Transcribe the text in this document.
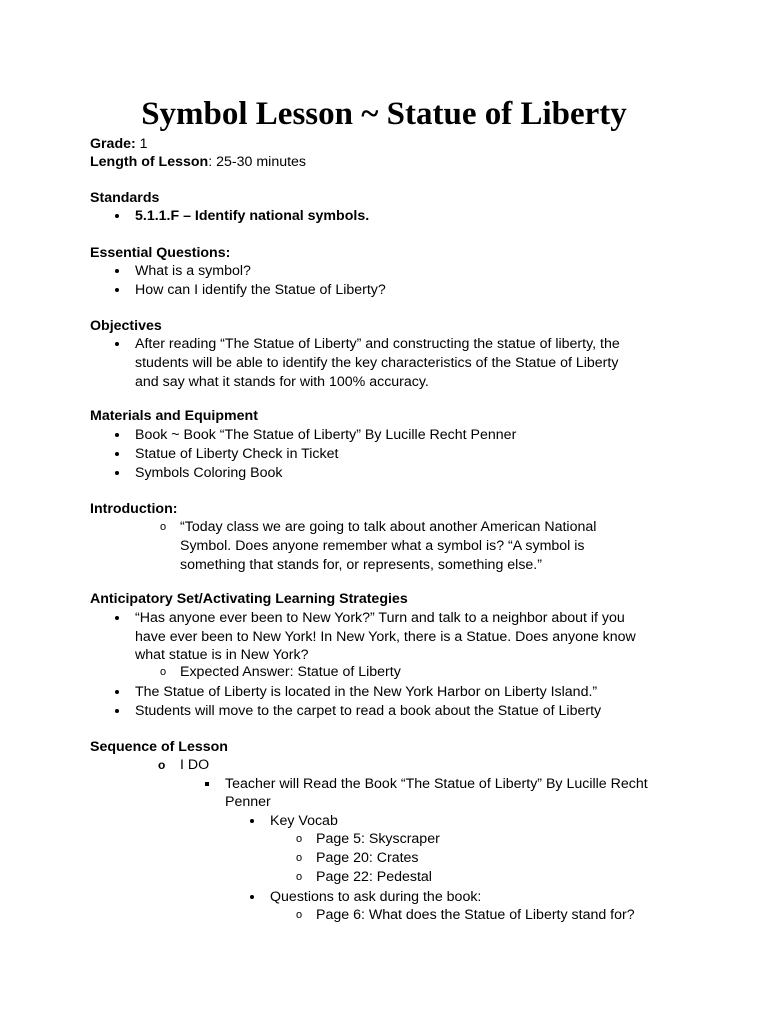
Symbol Lesson ~ Statue of Liberty
Grade: 1
Length of Lesson: 25-30 minutes
Standards
5.1.1.F – Identify national symbols.
Essential Questions:
What is a symbol?
How can I identify the Statue of Liberty?
Objectives
After reading “The Statue of Liberty” and constructing the statue of liberty, the
students will be able to identify the key characteristics of the Statue of Liberty
and say what it stands for with 100% accuracy.
Materials and Equipment
Book ~ Book “The Statue of Liberty” By Lucille Recht Penner
Statue of Liberty Check in Ticket
Symbols Coloring Book
Introduction:
o “Today class we are going to talk about another American National
Symbol. Does anyone remember what a symbol is? “A symbol is
something that stands for, or represents, something else.”
Anticipatory Set/Activating Learning Strategies
“Has anyone ever been to New York?” Turn and talk to a neighbor about if you
have ever been to New York! In New York, there is a Statue. Does anyone know
what statue is in New York?
o Expected Answer: Statue of Liberty
The Statue of Liberty is located in the New York Harbor on Liberty Island.”
Students will move to the carpet to read a book about the Statue of Liberty
Sequence of Lesson
o I DO
Teacher will Read the Book “The Statue of Liberty” By Lucille Recht
Penner
Key Vocab
o Page 5: Skyscraper
o Page 20: Crates
o Page 22: Pedestal
Questions to ask during the book:
o Page 6: What does the Statue of Liberty stand for?
